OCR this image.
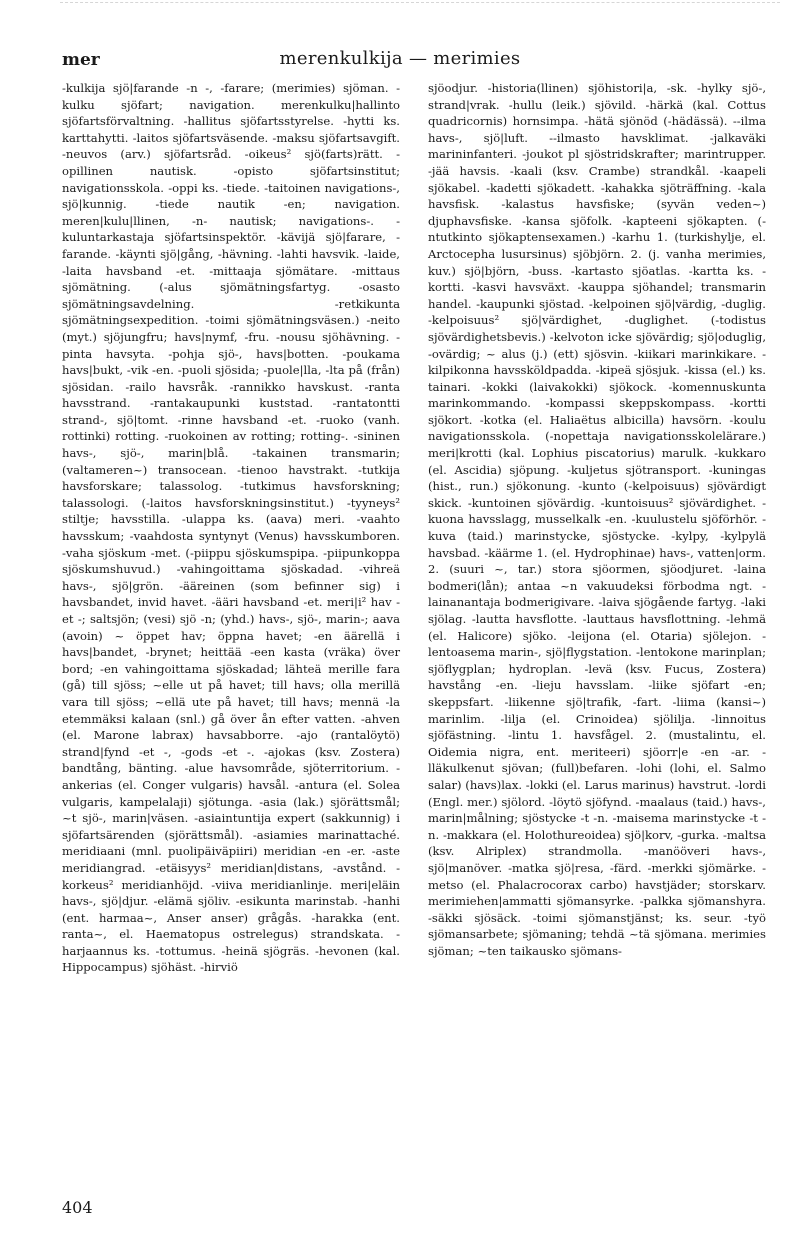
mer	merenkulkija — merimies

-kulkija sjö|farande -n -, -farare; (merimies) sjöman. -kulku sjöfart; navigation. merenkulku|hallinto sjöfartsförvaltning. -hallitus sjöfartsstyrelse. -hytti ks. karttahytti. -laitos sjöfartsväsende. -maksu sjöfartsavgift. -neuvos (arv.) sjöfartsråd. -oikeus² sjö(farts)rätt. -opillinen nautisk. -opisto sjöfartsinstitut; navigationsskola. -oppi ks. -tiede. -taitoinen navigations-, sjö|kunnig. -tiede nautik -en; navigation. meren|kulu|llinen, -n- nautisk; navigations-. -kuluntarkastaja sjöfartsinspektör. -kävijä sjö|farare, -farande. -käynti sjö|gång, -hävning. -lahti havsvik. -laide, -laita havsband -et. -mittaaja sjömätare. -mittaus sjömätning. (-alus sjömätningsfartyg. -osasto sjömätningsavdelning. -retkikunta sjömätningsexpedition. -toimi sjömätningsväsen.) -neito (myt.) sjöjungfru; havs|nymf, -fru. -nousu sjöhävning. -pinta havsyta. -pohja sjö-, havs|botten. -poukama havs|bukt, -vik -en. -puoli sjösida; -puole|lla, -lta på (från) sjösidan. -railo havsråk. -rannikko havskust. -ranta havsstrand. -rantakaupunki kuststad. -rantatontti strand-, sjö|tomt. -rinne havsband -et. -ruoko (vanh. rottinki) rotting. -ruokoinen av rotting; rotting-. -sininen havs-, sjö-, marin|blå. -takainen transmarin; (valtameren~) transocean. -tienoo havstrakt. -tutkija havsforskare; talassolog. -tutkimus havsforskning; talassologi. (-laitos havsforskningsinstitut.) -tyyneys² stiltje; havsstilla. -ulappa ks. (aava) meri. -vaahto havsskum; -vaahdosta syntynyt (Venus) havsskumboren. -vaha sjöskum -met. (-piippu sjöskumspipa. -piipunkoppa sjöskumshuvud.) -vahingoittama sjöskadad. -vihreä havs-, sjö|grön. -ääreinen (som befinner sig) i havsbandet, invid havet. -ääri havsband -et. meri|i² hav -et -; saltsjön; (vesi) sjö -n; (yhd.) havs-, sjö-, marin-; aava (avoin) ~ öppet hav; öppna havet; -en äärellä i havs|bandet, -brynet; heittää -een kasta (vräka) över bord; -en vahingoittama sjöskadad; lähteä merille fara (gå) till sjöss; ~elle ut på havet; till havs; olla merillä vara till sjöss; ~ellä ute på havet; till havs; mennä -la etemmäksi kalaan (snl.) gå över ån efter vatten. -ahven (el. Marone labrax) havsabborre. -ajo (rantalöytö) strand|fynd -et -, -gods -et -. -ajokas (ksv. Zostera) bandtång, bänting. -alue havsområde, sjöterritorium. -ankerias (el. Conger vulgaris) havsål. -antura (el. Solea vulgaris, kampelalaji) sjötunga. -asia (lak.) sjörättsmål; ~t sjö-, marin|väsen. -asiaintuntija expert (sakkunnig) i sjöfartsärenden (sjörättsmål). -asiamies marinattaché. meridiaani (mnl. puolipäiväpiiri) meridian -en -er. -aste meridiangrad. -etäisyys² meridian|distans, -avstånd. -korkeus² meridianhöjd. -viiva meridianlinje. meri|eläin havs-, sjö|djur. -elämä sjöliv. -esikunta marinstab. -hanhi (ent. harmaa~, Anser anser) grågås. -harakka (ent. ranta~, el. Haematopus ostrelegus) strandskata. -harjaannus ks. -tottumus. -heinä sjögräs. -hevonen (kal. Hippocampus) sjöhäst. -hirviö

sjöodjur. -historia(llinen) sjöhistori|a, -sk. -hylky sjö-, strand|vrak. -hullu (leik.) sjövild. -härkä (kal. Cottus quadricornis) hornsimpa. -hätä sjönöd (-hädässä). --ilma havs-, sjö|luft. --ilmasto havsklimat. -jalkaväki marininfanteri. -joukot pl sjöstridskrafter; marintrupper. -jää havsis. -kaali (ksv. Crambe) strandkål. -kaapeli sjökabel. -kadetti sjökadett. -kahakka sjöträffning. -kala havsfisk. -kalastus havsfiske; (syvän veden~) djuphavsfiske. -kansa sjöfolk. -kapteeni sjökapten. (-ntutkinto sjökaptensexamen.) -karhu 1. (turkishylje, el. Arctocepha lusursinus) sjöbjörn. 2. (j. vanha merimies, kuv.) sjö|björn, -buss. -kartasto sjöatlas. -kartta ks. -kortti. -kasvi havsväxt. -kauppa sjöhandel; transmarin handel. -kaupunki sjöstad. -kelpoinen sjö|värdig, -duglig. -kelpoisuus² sjö|värdighet, -duglighet. (-todistus sjövärdighetsbevis.) -kelvoton icke sjövärdig; sjö|oduglig, -ovärdig; ~ alus (j.) (ett) sjösvin. -kiikari marinkikare. -kilpikonna havssköldpadda. -kipeä sjösjuk. -kissa (el.) ks. tainari. -kokki (laivakokki) sjökock. -komennuskunta marinkommando. -kompassi skeppskompass. -kortti sjökort. -kotka (el. Haliaëtus albicilla) havsörn. -koulu navigationsskola. (-nopettaja navigationsskolelärare.) meri|krotti (kal. Lophius piscatorius) marulk. -kukkaro (el. Ascidia) sjöpung. -kuljetus sjötransport. -kuningas (hist., run.) sjökonung. -kunto (-kelpoisuus) sjövärdigt skick. -kuntoinen sjövärdig. -kuntoisuus² sjövärdighet. -kuona havsslagg, musselkalk -en. -kuulustelu sjöförhör. -kuva (taid.) marinstycke, sjöstycke. -kylpy, -kylpylä havsbad. -käärme 1. (el. Hydrophinae) havs-, vatten|orm. 2. (suuri ~, tar.) stora sjöormen, sjöodjuret. -laina bodmeri(lån); antaa ~n vakuudeksi förbodma ngt. -lainanantaja bodmerigivare. -laiva sjögående fartyg. -laki sjölag. -lautta havsflotte. -lauttaus havsflottning. -lehmä (el. Halicore) sjöko. -leijona (el. Otaria) sjölejon. -lentoasema marin-, sjö|flygstation. -lentokone marinplan; sjöflygplan; hydroplan. -levä (ksv. Fucus, Zostera) havstång -en. -lieju havsslam. -liike sjöfart -en; skeppsfart. -liikenne sjö|trafik, -fart. -liima (kansi~) marinlim. -lilja (el. Crinoidea) sjölilja. -linnoitus sjöfästning. -lintu 1. havsfågel. 2. (mustalintu, el. Oidemia nigra, ent. meriteeri) sjöorr|e -en -ar. -lläkulkenut sjövan; (full)befaren. -lohi (lohi, el. Salmo salar) (havs)lax. -lokki (el. Larus marinus) havstrut. -lordi (Engl. mer.) sjölord. -löytö sjöfynd. -maalaus (taid.) havs-, marin|målning; sjöstycke -t -n. -maisema marinstycke -t -n. -makkara (el. Holothureoidea) sjö|korv, -gurka. -maltsa (ksv. Alriplex) strandmolla. -manööveri havs-, sjö|manöver. -matka sjö|resa, -färd. -merkki sjömärke. -metso (el. Phalacrocorax carbo) havstjäder; storskarv. merimiehen|ammatti sjömansyrke. -palkka sjömanshyra. -säkki sjösäck. -toimi sjömanstjänst; ks. seur. -työ sjömansarbete; sjömaning; tehdä ~tä sjömana. merimies sjöman; ~ten taikausko sjömans-

404
